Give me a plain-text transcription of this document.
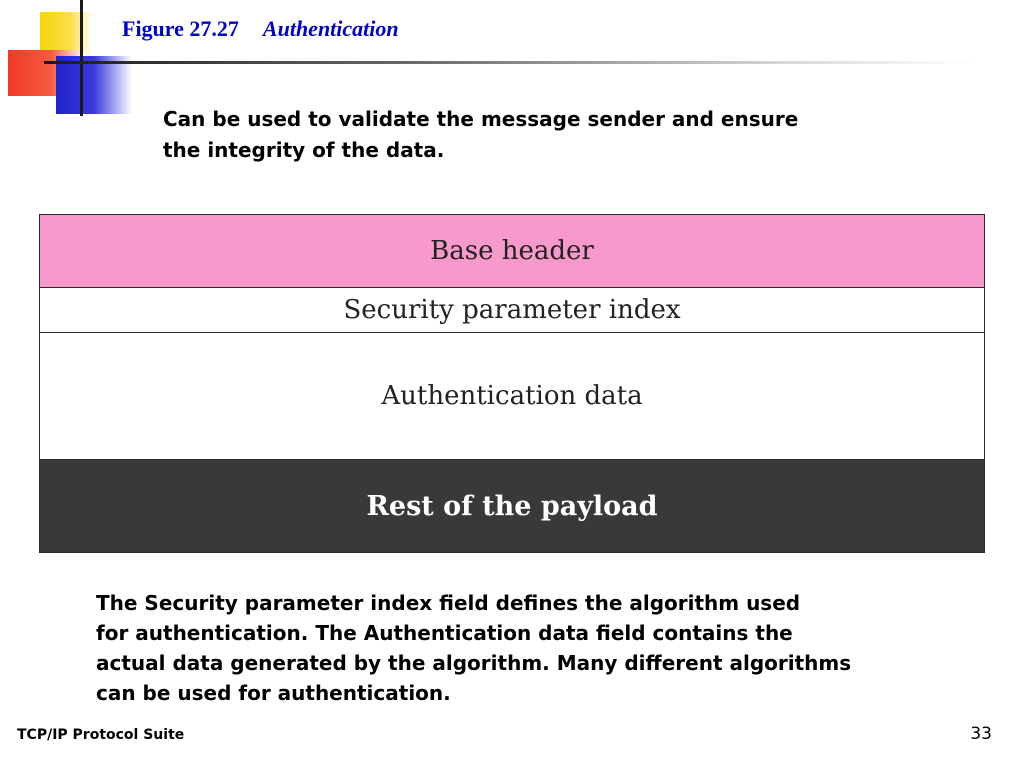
Figure 27.27 Authentication
Can be used to validate the message sender and ensure
the integrity of the data.
Base header
Security parameter index
Authentication data
Rest of the payload
The Security parameter index field defines the algorithm used
for authentication. The Authentication data field contains the
actual data generated by the algorithm. Many different algorithms
can be used for authentication.
TCP/IP Protocol Suite	33
